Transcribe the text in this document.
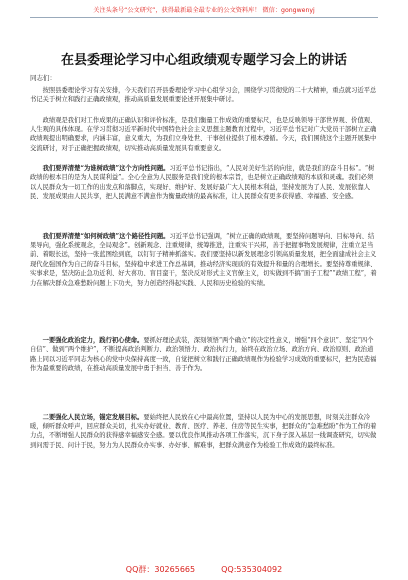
关注头条号“公文研究”，获得最新最全最专业的公文资料库！ 微信：gongwenyj
在县委理论学习中心组政绩观专题学习会上的讲话
同志们：

按照县委理论学习有关安排，今天我们召开县委理论学习中心组学习会，围绕学习贯彻党的二十大精神，重点就习近平总书记关于树立和践行正确政绩观，推动高质量发展重要论述开展集中研讨。

政绩观是我们对工作成果的正确认识和评价标准，是我们衡量工作成效的重要标尺，也是反映领导干部世界观、价值观、人生观的具体体现。在学习贯彻习近平新时代中国特色社会主义思想主题教育过程中，习近平总书记对广大党员干部树立正确政绩观提出明确要求，内涵丰富，意义重大，为我们立身处世、干事创业提供了根本遵循。今天，我们围绕这个主题开展集中交流研讨，对于正确把握政绩观，切实推动高质量发展具有重要意义。

我们要弄清楚“为谁树政绩”这个方向性问题。习近平总书记指出，“人民对美好生活的向往，就是我们的奋斗目标”。“树政绩的根本目的是为人民谋利益”。全心全意为人民服务是我们党的根本宗旨，也是树立正确政绩观的本质和灵魂。我们必须以人民群众为一切工作的出发点和落脚点，实现好、维护好、发展好最广大人民根本利益，坚持发展为了人民、发展依靠人民、发展成果由人民共享，把人民满意不满意作为衡量政绩的最高标准，让人民群众有更多获得感、幸福感、安全感。

我们要弄清楚“如何树政绩”这个路径性问题。习近平总书记强调，“树立正确的政绩观，要坚持问题导向、目标导向、结果导向，强化系统观念，全局观念”。创新观念、注重规律，统筹推进，注重实干兴邦，善于把握事物发展规律，注重立足当前、着眼长远，坚持一张蓝图绘到底，以钉钉子精神抓落实。我们要坚持以新发展理念引领高质量发展，把全面建成社会主义现代化强国作为自己的奋斗目标，坚持稳中求进工作总基调，推动经济实现质的有效提升和量的合理增长。要坚持尊重规律、实事求是，坚决防止急功近利、好大喜功、盲目蛮干，坚决反对形式主义官僚主义，切实做到不搞“面子工程”“政绩工程”，着力在解决群众急难愁盼问题上下功夫，努力创造经得起实践、人民和历史检验的实绩。

一要强化政治定力，践行初心使命。要抓好理论武装，深刻领悟“两个确立”的决定性意义，增强“四个意识”、坚定“四个自信”、做到“两个维护”，不断提高政治判断力、政治领悟力、政治执行力，始终在政治立场、政治方向、政治原则、政治道路上同以习近平同志为核心的党中央保持高度一致，自觉把树立和践行正确政绩观作为检验学习成效的重要标尺，把为民造福作为最重要的政绩，在推动高质量发展中勇于担当、善于作为。

二要强化人民立场，锚定发展目标。要始终把人民放在心中最高位置，坚持以人民为中心的发展思想，时刻关注群众冷暖，倾听群众呼声，回应群众关切，扎实办好就业、教育、医疗、养老、住房等民生实事，把群众的“急难愁盼”作为工作的着力点，不断增强人民群众的获得感幸福感安全感。要以优良作风推动各项工作落实，沉下身子深入基层一线调查研究，切实做到问需于民、问计于民，努力为人民群众办实事、办好事、解难事，把群众满意作为检验工作成效的最终标准。

QQ群：30265665	QQ:535304092
